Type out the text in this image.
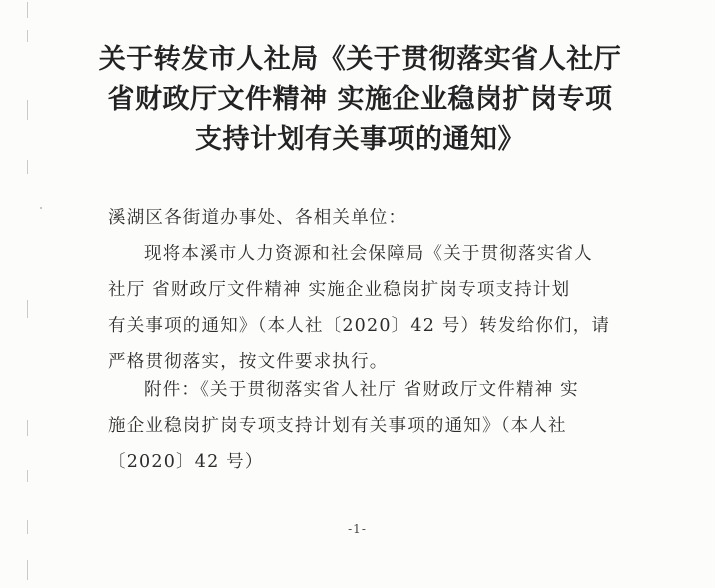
关于转发市人社局《关于贯彻落实省人社厅
省财政厅文件精神 实施企业稳岗扩岗专项
支持计划有关事项的通知》
溪湖区各街道办事处、各相关单位：
现将本溪市人力资源和社会保障局《关于贯彻落实省人
社厅 省财政厅文件精神 实施企业稳岗扩岗专项支持计划
有关事项的通知》（本人社〔2020〕42 号）转发给你们，请
严格贯彻落实，按文件要求执行。
附件：《关于贯彻落实省人社厅 省财政厅文件精神 实
施企业稳岗扩岗专项支持计划有关事项的通知》（本人社
〔2020〕42 号）
-1-
